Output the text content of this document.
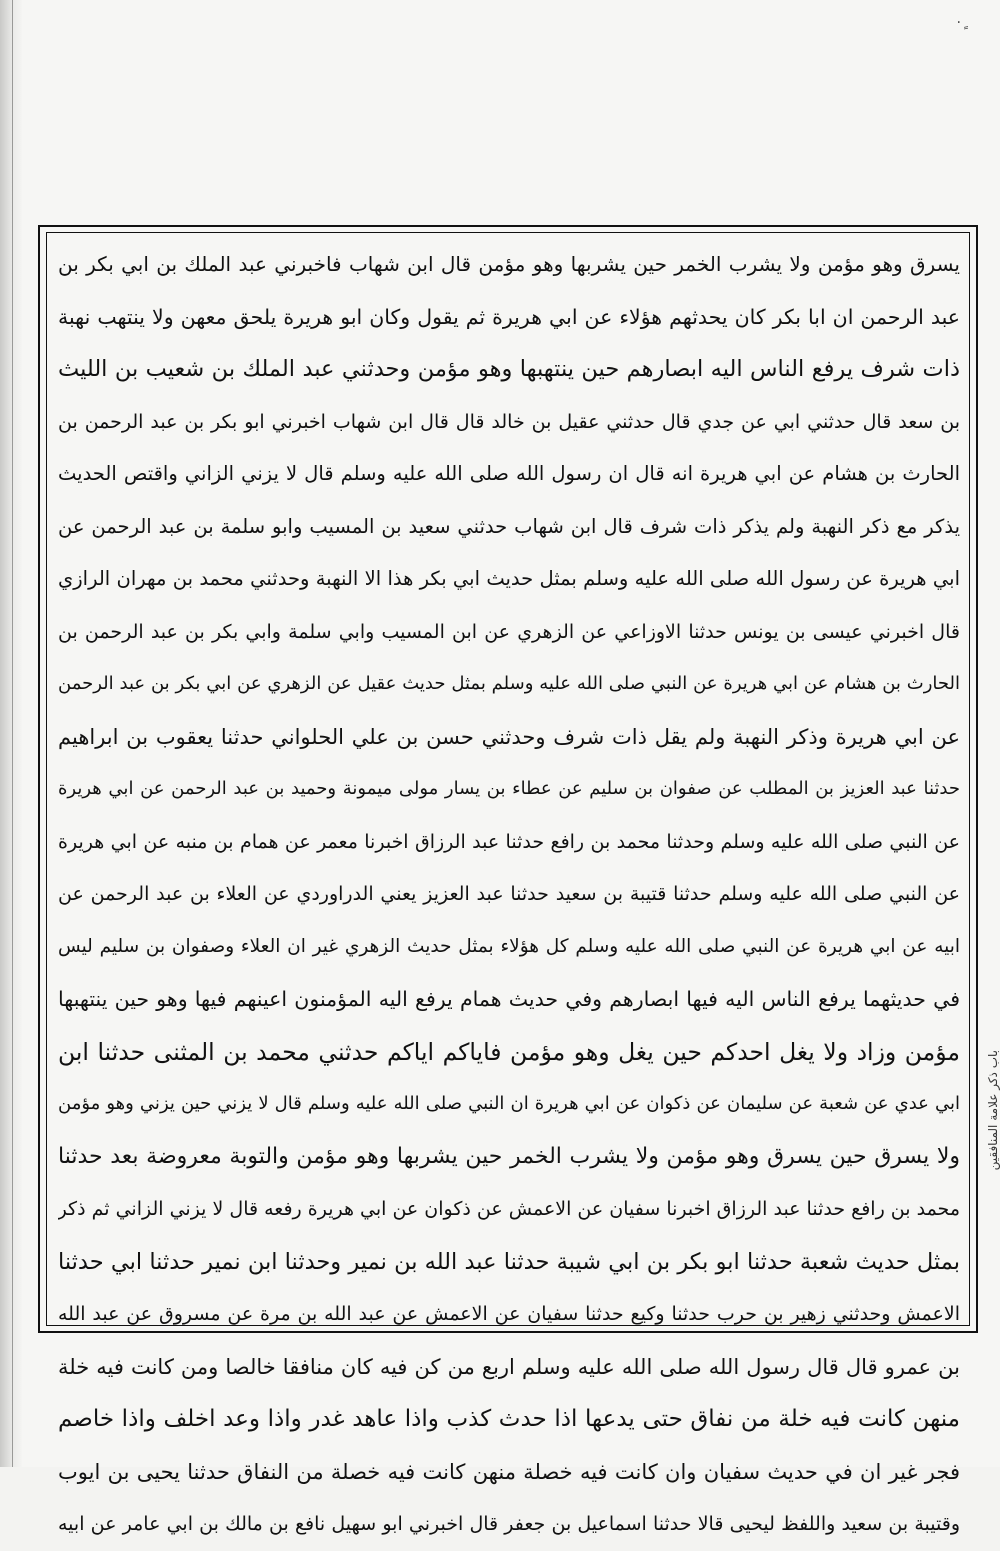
٠ٍ
يسرق وهو مؤمن ولا يشرب الخمر حين يشربها وهو مؤمن قال ابن شهاب فاخبرني عبد الملك بن ابي بكر بن
عبد الرحمن ان ابا بكر كان يحدثهم هؤلاء عن ابي هريرة ثم يقول وكان ابو هريرة يلحق معهن ولا ينتهب نهبة
ذات شرف يرفع الناس اليه ابصارهم حين ينتهبها وهو مؤمن وحدثني عبد الملك بن شعيب بن الليث
بن سعد قال حدثني ابي عن جدي قال حدثني عقيل بن خالد قال قال ابن شهاب اخبرني ابو بكر بن عبد الرحمن بن
الحارث بن هشام عن ابي هريرة انه قال ان رسول الله صلى الله عليه وسلم قال لا يزني الزاني واقتص الحديث
يذكر مع ذكر النهبة ولم يذكر ذات شرف قال ابن شهاب حدثني سعيد بن المسيب وابو سلمة بن عبد الرحمن عن
ابي هريرة عن رسول الله صلى الله عليه وسلم بمثل حديث ابي بكر هذا الا النهبة وحدثني محمد بن مهران الرازي
قال اخبرني عيسى بن يونس حدثنا الاوزاعي عن الزهري عن ابن المسيب وابي سلمة وابي بكر بن عبد الرحمن بن
الحارث بن هشام عن ابي هريرة عن النبي صلى الله عليه وسلم بمثل حديث عقيل عن الزهري عن ابي بكر بن عبد الرحمن
عن ابي هريرة وذكر النهبة ولم يقل ذات شرف وحدثني حسن بن علي الحلواني حدثنا يعقوب بن ابراهيم
حدثنا عبد العزيز بن المطلب عن صفوان بن سليم عن عطاء بن يسار مولى ميمونة وحميد بن عبد الرحمن عن ابي هريرة
عن النبي صلى الله عليه وسلم وحدثنا محمد بن رافع حدثنا عبد الرزاق اخبرنا معمر عن همام بن منبه عن ابي هريرة
عن النبي صلى الله عليه وسلم حدثنا قتيبة بن سعيد حدثنا عبد العزيز يعني الدراوردي عن العلاء بن عبد الرحمن عن
ابيه عن ابي هريرة عن النبي صلى الله عليه وسلم كل هؤلاء بمثل حديث الزهري غير ان العلاء وصفوان بن سليم ليس
في حديثهما يرفع الناس اليه فيها ابصارهم وفي حديث همام يرفع اليه المؤمنون اعينهم فيها وهو حين ينتهبها
مؤمن وزاد ولا يغل احدكم حين يغل وهو مؤمن فاياكم اياكم حدثني محمد بن المثنى حدثنا ابن
ابي عدي عن شعبة عن سليمان عن ذكوان عن ابي هريرة ان النبي صلى الله عليه وسلم قال لا يزني حين يزني وهو مؤمن
ولا يسرق حين يسرق وهو مؤمن ولا يشرب الخمر حين يشربها وهو مؤمن والتوبة معروضة بعد حدثنا
محمد بن رافع حدثنا عبد الرزاق اخبرنا سفيان عن الاعمش عن ذكوان عن ابي هريرة رفعه قال لا يزني الزاني ثم ذكر
بمثل حديث شعبة حدثنا ابو بكر بن ابي شيبة حدثنا عبد الله بن نمير وحدثنا ابن نمير حدثنا ابي حدثنا
الاعمش وحدثني زهير بن حرب حدثنا وكيع حدثنا سفيان عن الاعمش عن عبد الله بن مرة عن مسروق عن عبد الله
بن عمرو قال قال رسول الله صلى الله عليه وسلم اربع من كن فيه كان منافقا خالصا ومن كانت فيه خلة
منهن كانت فيه خلة من نفاق حتى يدعها اذا حدث كذب واذا عاهد غدر واذا وعد اخلف واذا خاصم
فجر غير ان في حديث سفيان وان كانت فيه خصلة منهن كانت فيه خصلة من النفاق حدثنا يحيى بن ايوب
وقتيبة بن سعيد واللفظ ليحيى قالا حدثنا اسماعيل بن جعفر قال اخبرني ابو سهيل نافع بن مالك بن ابي عامر عن ابيه
باب ذكر علامة المنافقين
